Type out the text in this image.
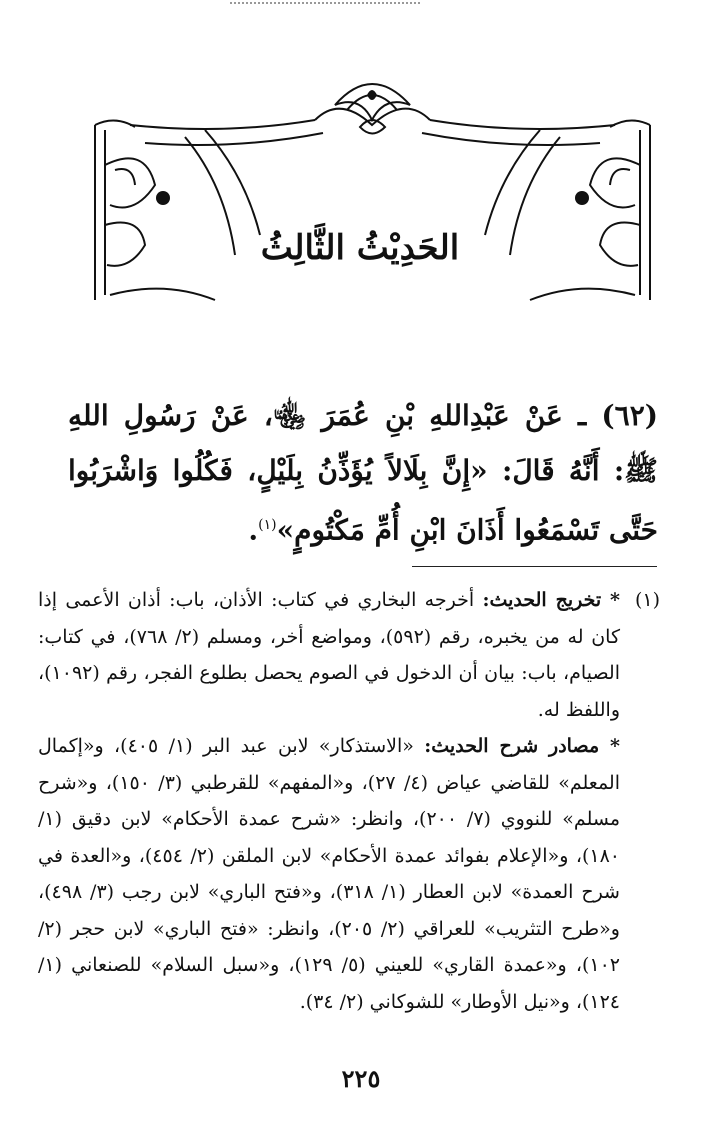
الحَدِيْثُ الثَّالِثُ
(٦٢) ـ عَنْ عَبْدِاللهِ بْنِ عُمَرَ ﵄، عَنْ رَسُولِ اللهِ ﷺ: أَنَّهُ قَالَ: «إِنَّ بِلَالاً يُؤَذِّنُ بِلَيْلٍ، فَكُلُوا وَاشْرَبُوا حَتَّى تَسْمَعُوا أَذَانَ ابْنِ أُمِّ مَكْتُومٍ»$^{(١)}$.
(١)

* تخريج الحديث: أخرجه البخاري في كتاب: الأذان، باب: أذان الأعمى إذا كان له من يخبره، رقم (٥٩٢)، ومواضع أخر، ومسلم (٢/ ٧٦٨)، في كتاب: الصيام، باب: بيان أن الدخول في الصوم يحصل بطلوع الفجر، رقم (١٠٩٢)، واللفظ له.

* مصادر شرح الحديث: «الاستذكار» لابن عبد البر (١/ ٤٠٥)، و«إكمال المعلم» للقاضي عياض (٤/ ٢٧)، و«المفهم» للقرطبي (٣/ ١٥٠)، و«شرح مسلم» للنووي (٧/ ٢٠٠)، وانظر: «شرح عمدة الأحكام» لابن دقيق (١/ ١٨٠)، و«الإعلام بفوائد عمدة الأحكام» لابن الملقن (٢/ ٤٥٤)، و«العدة في شرح العمدة» لابن العطار (١/ ٣١٨)، و«فتح الباري» لابن رجب (٣/ ٤٩٨)، و«طرح التثريب» للعراقي (٢/ ٢٠٥)، وانظر: «فتح الباري» لابن حجر (٢/ ١٠٢)، و«عمدة القاري» للعيني (٥/ ١٢٩)، و«سبل السلام» للصنعاني (١/ ١٢٤)، و«نيل الأوطار» للشوكاني (٢/ ٣٤).

٢٢٥
